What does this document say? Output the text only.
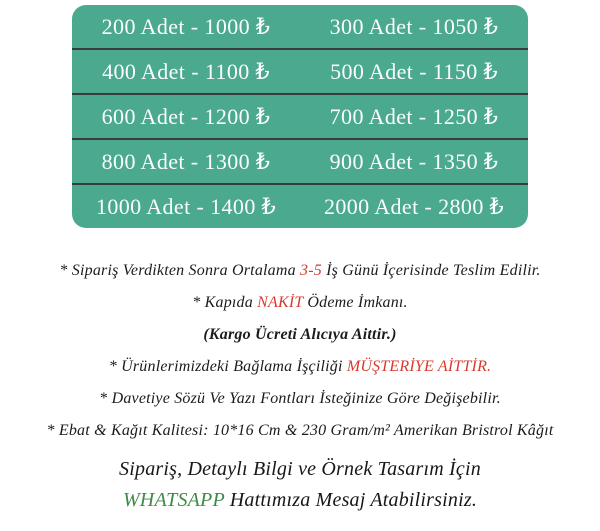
200 Adet - 1000 ₺	300 Adet - 1050 ₺
400 Adet - 1100 ₺	500 Adet - 1150 ₺
600 Adet - 1200 ₺	700 Adet - 1250 ₺
800 Adet - 1300 ₺	900 Adet - 1350 ₺
1000 Adet - 1400 ₺	2000 Adet - 2800 ₺
* Sipariş Verdikten Sonra Ortalama 3-5 İş Günü İçerisinde Teslim Edilir.
* Kapıda NAKİT Ödeme İmkanı.
(Kargo Ücreti Alıcıya Aittir.)
* Ürünlerimizdeki Bağlama İşçiliği MÜŞTERİYE AİTTİR.
* Davetiye Sözü Ve Yazı Fontları İsteğinize Göre Değişebilir.
* Ebat & Kağıt Kalitesi: 10*16 Cm & 230 Gram/m² Amerikan Bristrol Kâğıt
Sipariş, Detaylı Bilgi ve Örnek Tasarım İçin
WHATSAPP Hattımıza Mesaj Atabilirsiniz.
